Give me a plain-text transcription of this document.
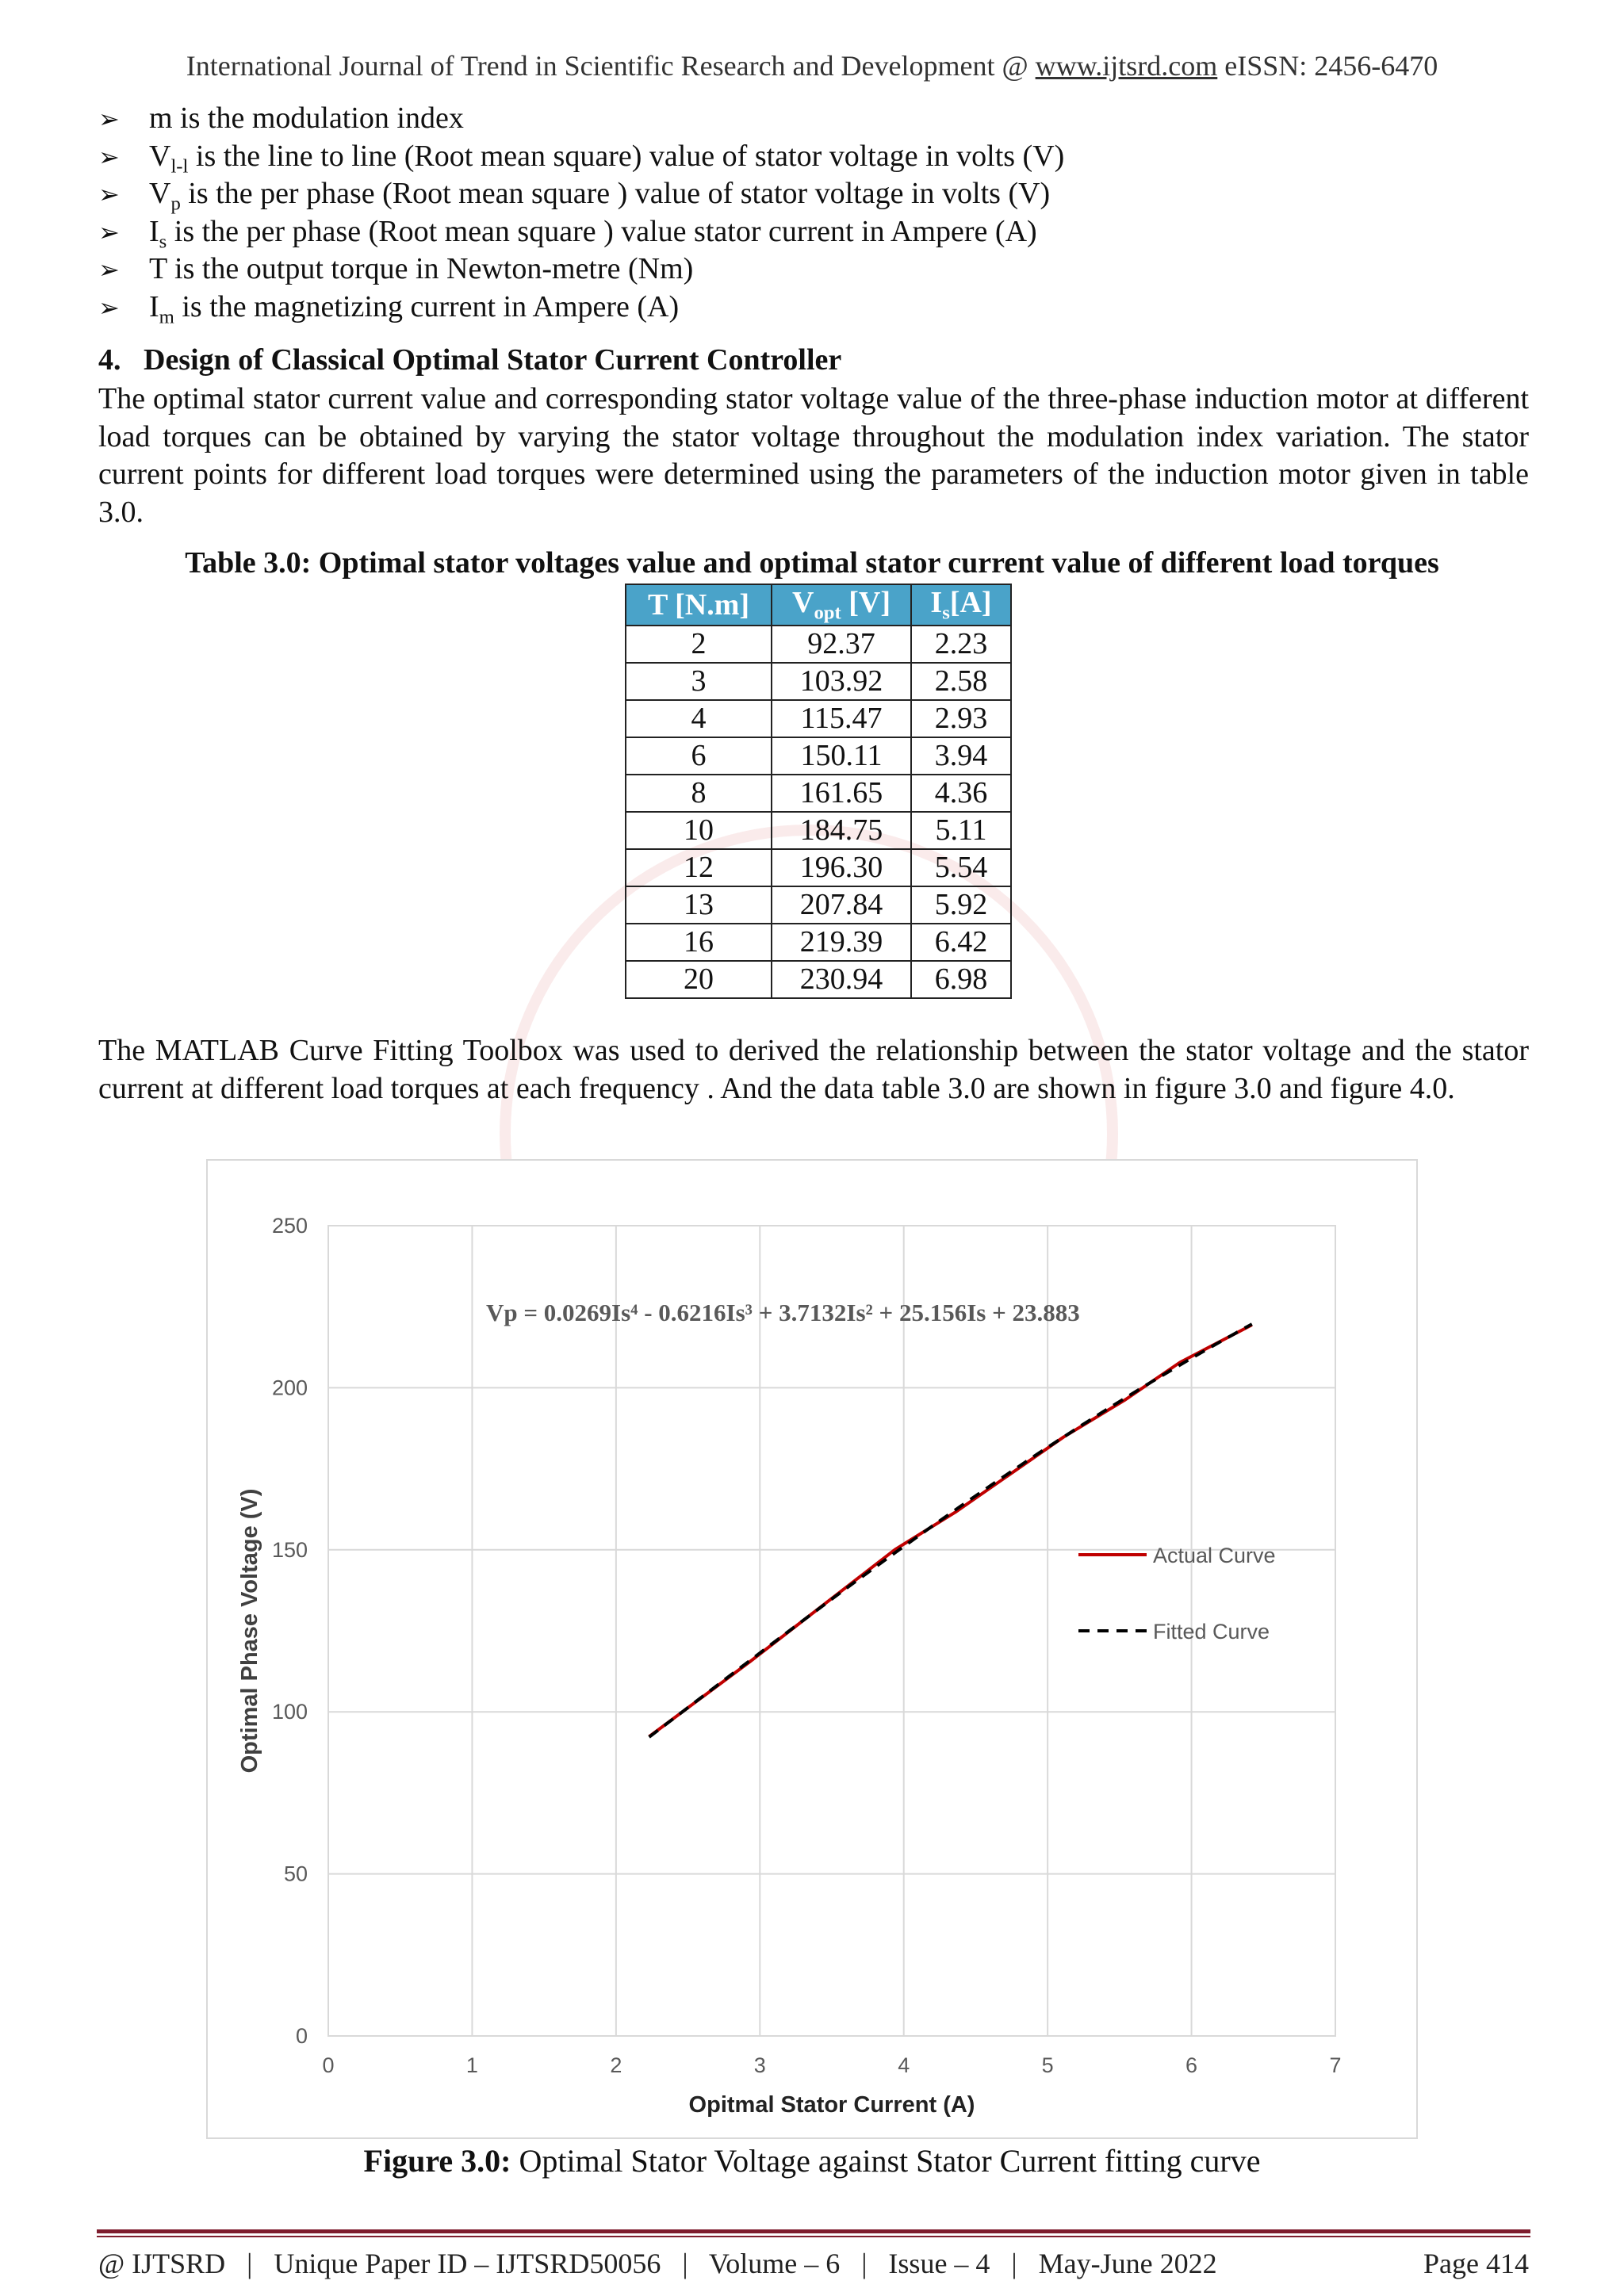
International Journal of Trend in Scientific Research and Development @ www.ijtsrd.com eISSN: 2456-6470
➢ m is the modulation index
➢ $V_{l-l}$ is the line to line (Root mean square) value of stator voltage in volts (V)
➢ $V_p$ is the per phase (Root mean square ) value of stator voltage in volts (V)
➢ $I_s$ is the per phase (Root mean square ) value stator current in Ampere (A)
➢ T is the output torque in Newton-metre (Nm)
➢ $I_m$ is the magnetizing current in Ampere (A)
4. Design of Classical Optimal Stator Current Controller
The optimal stator current value and corresponding stator voltage value of the three-phase induction motor at different load torques can be obtained by varying the stator voltage throughout the modulation index variation. The stator current points for different load torques were determined using the parameters of the induction motor given in table 3.0.
Table 3.0: Optimal stator voltages value and optimal stator current value of different load torques
T [N.m]	$V_{opt}$ [V]	$I_s[A]$
2	92.37	2.23
3	103.92	2.58
4	115.47	2.93
6	150.11	3.94
8	161.65	4.36
10	184.75	5.11
12	196.30	5.54
13	207.84	5.92
16	219.39	6.42
20	230.94	6.98
The MATLAB Curve Fitting Toolbox was used to derived the relationship between the stator voltage and the stator current at different load torques at each frequency . And the data table 3.0 are shown in figure 3.0 and figure 4.0.
0
50
100
150
200
250
0	1	2	3	4	5	6	7
Opitmal Stator Current (A)
Optimal Phase Voltage (V)
Vp = 0.0269Is⁴ - 0.6216Is³ + 3.7132Is² + 25.156Is + 23.883
Actual Curve
Fitted Curve
Figure 3.0: Optimal Stator Voltage against Stator Current fitting curve
@ IJTSRD   |   Unique Paper ID – IJTSRD50056   |   Volume – 6   |   Issue – 4   |   May-June 2022	Page 414
